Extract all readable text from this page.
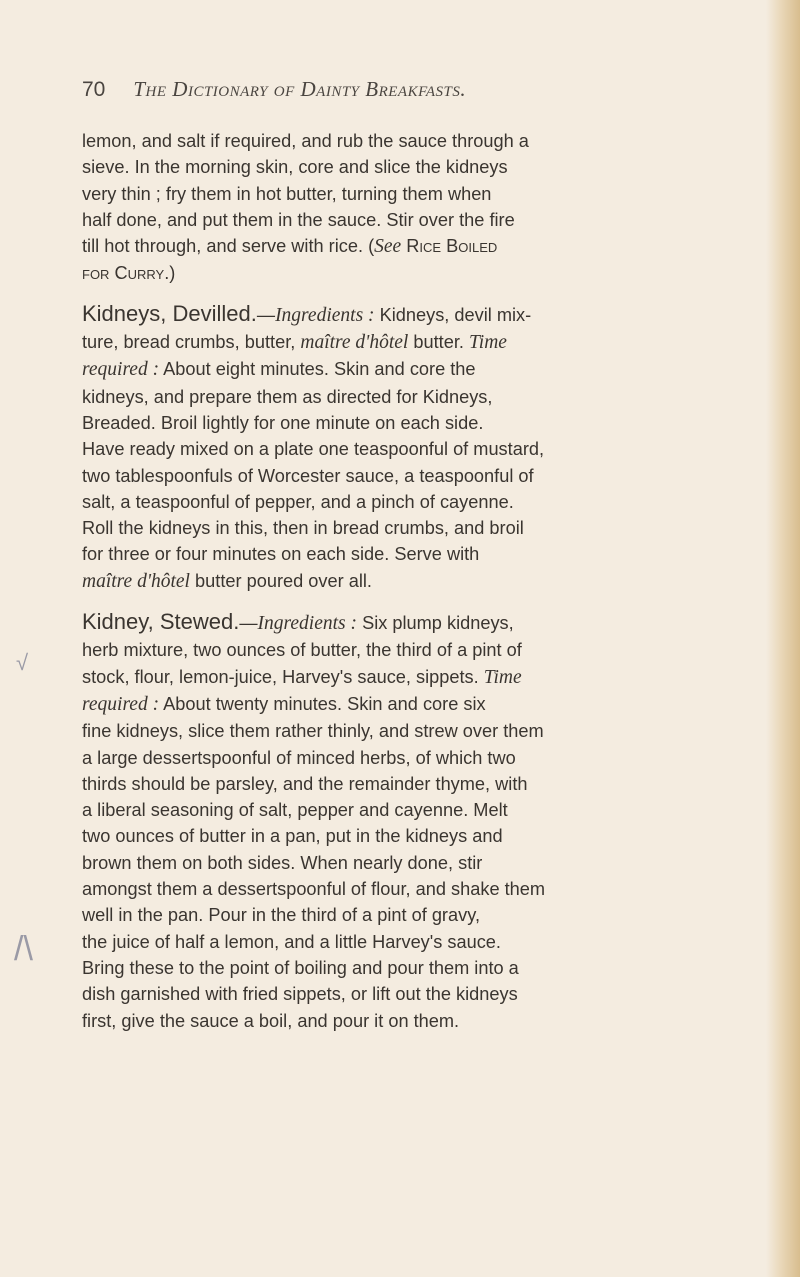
√
/\
70 The Dictionary of Dainty Breakfasts.

lemon, and salt if required, and rub the sauce through a
sieve. In the morning skin, core and slice the kidneys
very thin ; fry them in hot butter, turning them when
half done, and put them in the sauce. Stir over the fire
till hot through, and serve with rice. (See Rice Boiled
for Curry.)

Kidneys, Devilled.—Ingredients : Kidneys, devil mix-
ture, bread crumbs, butter, maître d'hôtel butter. Time
required : About eight minutes. Skin and core the
kidneys, and prepare them as directed for Kidneys,
Breaded. Broil lightly for one minute on each side.
Have ready mixed on a plate one teaspoonful of mustard,
two tablespoonfuls of Worcester sauce, a teaspoonful of
salt, a teaspoonful of pepper, and a pinch of cayenne.
Roll the kidneys in this, then in bread crumbs, and broil
for three or four minutes on each side. Serve with
maître d'hôtel butter poured over all.

Kidney, Stewed.—Ingredients : Six plump kidneys,
herb mixture, two ounces of butter, the third of a pint of
stock, flour, lemon-juice, Harvey's sauce, sippets. Time
required : About twenty minutes. Skin and core six
fine kidneys, slice them rather thinly, and strew over them
a large dessertspoonful of minced herbs, of which two
thirds should be parsley, and the remainder thyme, with
a liberal seasoning of salt, pepper and cayenne. Melt
two ounces of butter in a pan, put in the kidneys and
brown them on both sides. When nearly done, stir
amongst them a dessertspoonful of flour, and shake them
well in the pan. Pour in the third of a pint of gravy,
the juice of half a lemon, and a little Harvey's sauce.
Bring these to the point of boiling and pour them into a
dish garnished with fried sippets, or lift out the kidneys
first, give the sauce a boil, and pour it on them.
